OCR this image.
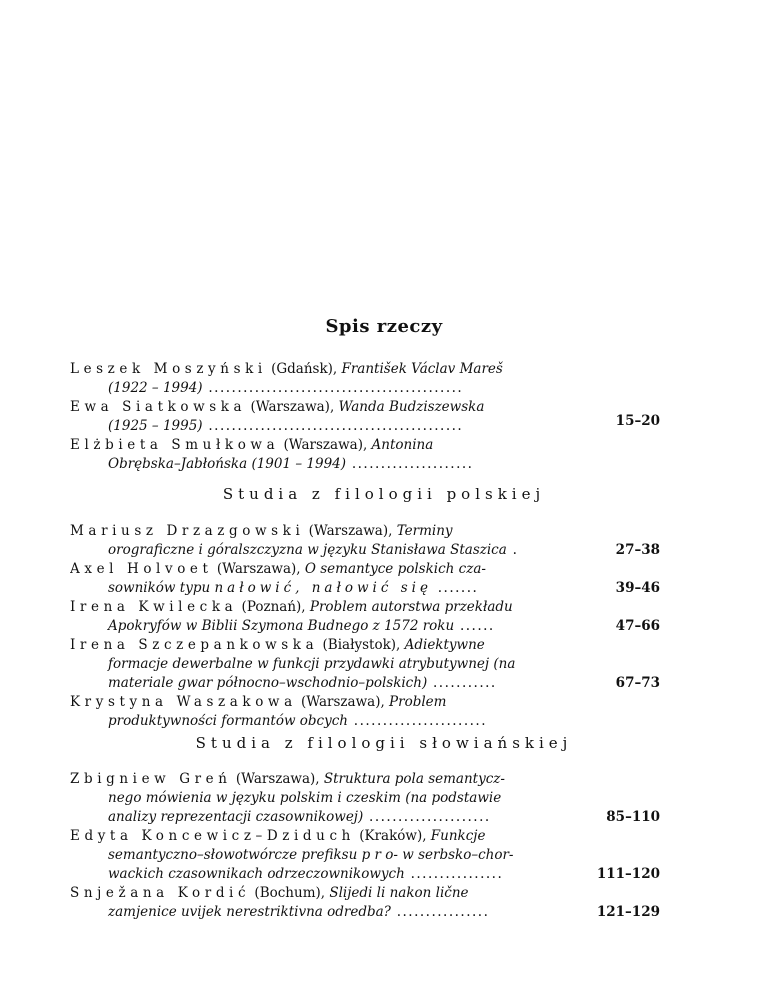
Spis rzeczy
Leszek Moszyński (Gdańsk), František Václav Mareš
(1922 – 1994) ............................................
Ewa Siatkowska (Warszawa), Wanda Budziszewska
(1925 – 1995) ............................................	15–20
Elżbieta Smułkowa (Warszawa), Antonina
Obrębska–Jabłońska (1901 – 1994) .....................
Studia z filologii polskiej
Mariusz Drzazgowski (Warszawa), Terminy
orograficzne i góralszczyzna w języku Stanisława Staszica .	27–38
Axel Holvoet (Warszawa), O semantyce polskich cza-
sowników typu nałowić, nałowić się .......	39–46
Irena Kwilecka (Poznań), Problem autorstwa przekładu
Apokryfów w Biblii Szymona Budnego z 1572 roku ......	47–66
Irena Szczepankowska (Białystok), Adiektywne
formacje dewerbalne w funkcji przydawki atrybutywnej (na
materiale gwar północno–wschodnio–polskich) ...........	67–73
Krystyna Waszakowa (Warszawa), Problem
produktywności formantów obcych .......................
Studia z filologii słowiańskiej
Zbigniew Greń (Warszawa), Struktura pola semantycz-
nego mówienia w języku polskim i czeskim (na podstawie
analizy reprezentacji czasownikowej) .....................	85–110
Edyta Koncewicz–Dziduch (Kraków), Funkcje
semantyczno–słowotwórcze prefiksu p r o- w serbsko–chor-
wackich czasownikach odrzeczownikowych ................	111–120
Snježana Kordić (Bochum), Slijedi li nakon lične
zamjenice uvijek nerestriktivna odredba? ................	121–129
